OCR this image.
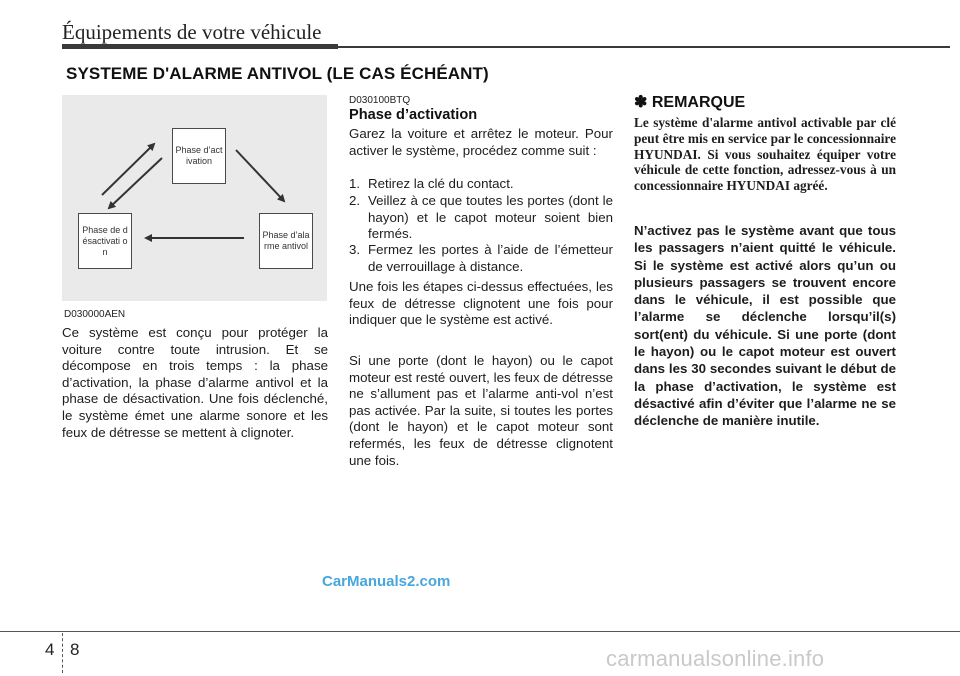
Équipements de votre véhicule
SYSTEME D'ALARME ANTIVOL (LE CAS ÉCHÉANT)
Phase d’activation
Phase de désactivati on
Phase d’alarme antivol
D030000AEN
Ce système est conçu pour protéger la voiture contre toute intrusion. Et se décompose en trois temps : la phase d’activation, la phase d’alarme antivol et la phase de désactivation. Une fois déclenché, le système émet une alarme sonore et les feux de détresse se mettent à clignoter.
D030100BTQ
Phase d’activation
Garez la voiture et arrêtez le moteur. Pour activer le système, procédez comme suit :
1. Retirez la clé du contact.
2. Veillez à ce que toutes les portes (dont le hayon) et le capot moteur soient bien fermés.
3. Fermez les portes à l’aide de l’émetteur de verrouillage à distance.
Une fois les étapes ci-dessus effectuées, les feux de détresse clignotent une fois pour indiquer que le système est activé.
Si une porte (dont le hayon) ou le capot moteur est resté ouvert, les feux de détresse ne s’allument pas et l’alarme anti-vol n’est pas activée. Par la suite, si toutes les portes (dont le hayon) et le capot moteur sont refermés, les feux de détresse clignotent une fois.
✽ REMARQUE
Le système d'alarme antivol activable par clé peut être mis en service par le concessionnaire HYUNDAI. Si vous souhaitez équiper votre véhicule de cette fonction, adressez-vous à un concessionnaire HYUNDAI agréé.
N’activez pas le système avant que tous les passagers n’aient quitté le véhicule. Si le système est activé alors qu’un ou plusieurs passagers se trouvent encore dans le véhicule, il est possible que l’alarme se déclenche lorsqu’il(s) sort(ent) du véhicule. Si une porte (dont le hayon) ou le capot moteur est ouvert dans les 30 secondes suivant le début de la phase d’activation, le système est désactivé afin d’éviter que l’alarme ne se déclenche de manière inutile.
CarManuals2.com
4 8	carmanualsonline.info
